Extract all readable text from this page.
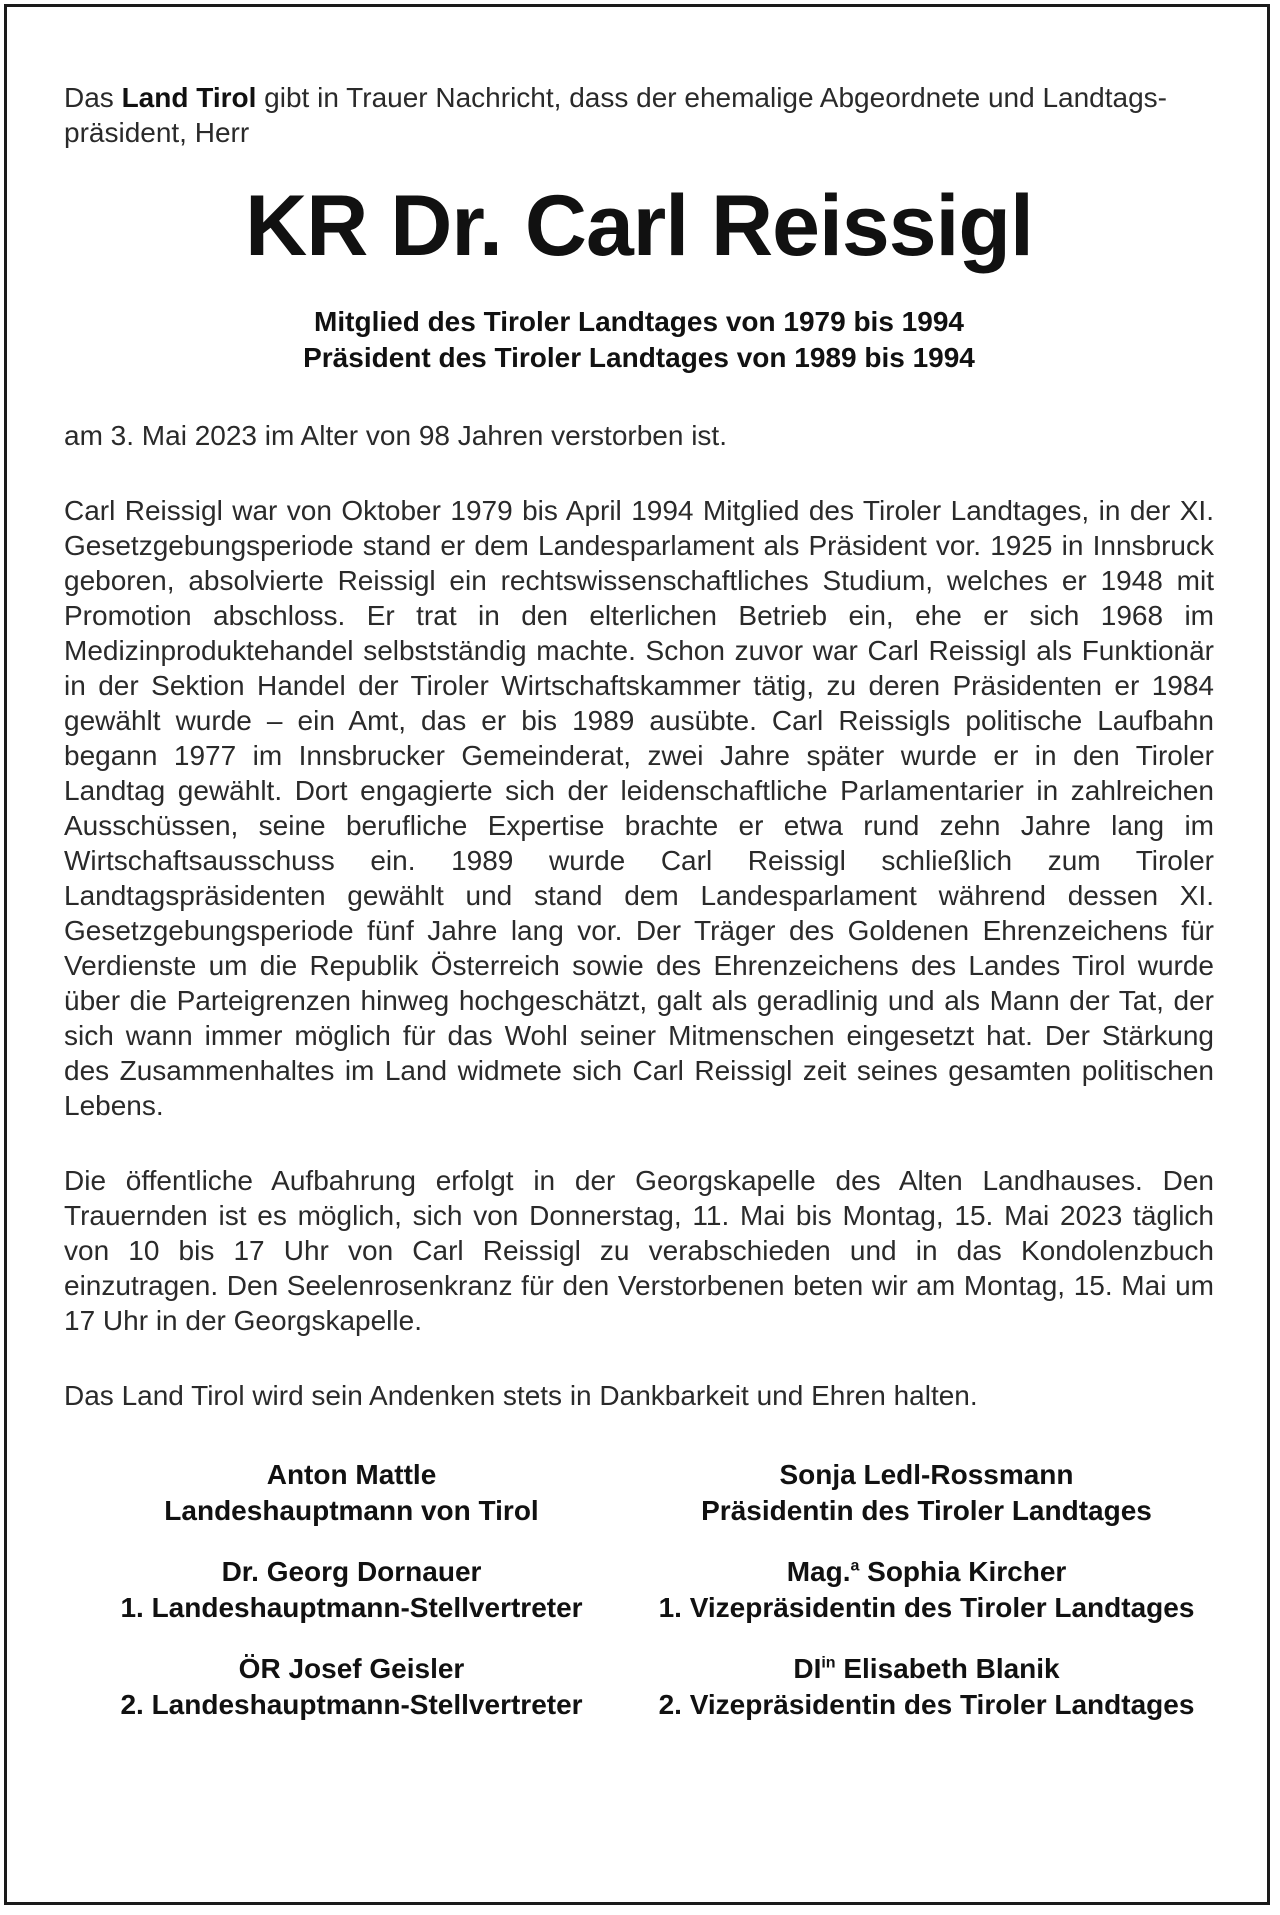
Das Land Tirol gibt in Trauer Nachricht, dass der ehemalige Abgeordnete und Landtags-präsident, Herr

KR Dr. Carl Reissigl

Mitglied des Tiroler Landtages von 1979 bis 1994

Präsident des Tiroler Landtages von 1989 bis 1994

am 3. Mai 2023 im Alter von 98 Jahren verstorben ist.

Carl Reissigl war von Oktober 1979 bis April 1994 Mitglied des Tiroler Landtages, in der XI. Gesetzgebungsperiode stand er dem Landesparlament als Präsident vor. 1925 in Innsbruck geboren, absolvierte Reissigl ein rechtswissenschaftliches Studium, welches er 1948 mit Promotion abschloss. Er trat in den elterlichen Betrieb ein, ehe er sich 1968 im Medizinproduktehandel selbstständig machte. Schon zuvor war Carl Reissigl als Funktionär in der Sektion Handel der Tiroler Wirtschaftskammer tätig, zu deren Präsidenten er 1984 gewählt wurde – ein Amt, das er bis 1989 ausübte. Carl Reissigls politische Laufbahn begann 1977 im Innsbrucker Gemeinderat, zwei Jahre später wurde er in den Tiroler Landtag gewählt. Dort engagierte sich der leidenschaftliche Parlamentarier in zahlreichen Ausschüssen, seine berufliche Expertise brachte er etwa rund zehn Jahre lang im Wirtschaftsausschuss ein. 1989 wurde Carl Reissigl schließlich zum Tiroler Landtagspräsidenten gewählt und stand dem Landesparlament während dessen XI. Gesetzgebungsperiode fünf Jahre lang vor. Der Träger des Goldenen Ehrenzeichens für Verdienste um die Republik Österreich sowie des Ehrenzeichens des Landes Tirol wurde über die Parteigrenzen hinweg hochgeschätzt, galt als geradlinig und als Mann der Tat, der sich wann immer möglich für das Wohl seiner Mitmenschen eingesetzt hat. Der Stärkung des Zusammenhaltes im Land widmete sich Carl Reissigl zeit seines gesamten politischen Lebens.

Die öffentliche Aufbahrung erfolgt in der Georgskapelle des Alten Landhauses. Den Trauernden ist es möglich, sich von Donnerstag, 11. Mai bis Montag, 15. Mai 2023 täglich von 10 bis 17 Uhr von Carl Reissigl zu verabschieden und in das Kondolenzbuch einzutragen. Den Seelenrosenkranz für den Verstorbenen beten wir am Montag, 15. Mai um 17 Uhr in der Georgskapelle.

Das Land Tirol wird sein Andenken stets in Dankbarkeit und Ehren halten.

Anton Mattle
Landeshauptmann von Tirol
Dr. Georg Dornauer
1. Landeshauptmann-Stellvertreter
ÖR Josef Geisler
2. Landeshauptmann-Stellvertreter
Sonja Ledl-Rossmann
Präsidentin des Tiroler Landtages
Mag.$^a$ Sophia Kircher
1. Vizepräsidentin des Tiroler Landtages
$DI^{in}$ Elisabeth Blanik
2. Vizepräsidentin des Tiroler Landtages
